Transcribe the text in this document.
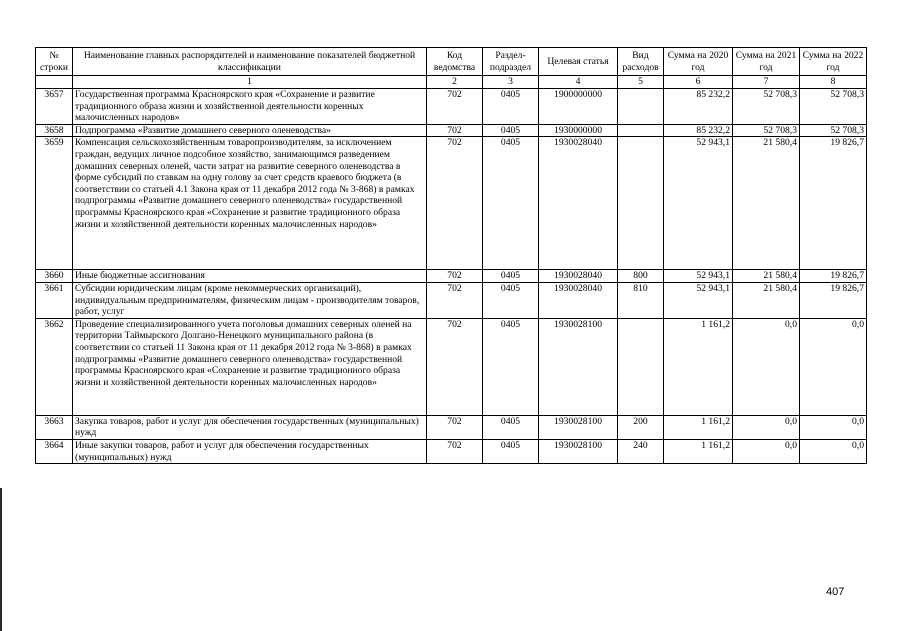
№ строки	Наименование главных распорядителей и наименование показателей бюджетной классификации	Код ведомства	Раздел-подраздел	Целевая статья	Вид расходов	Сумма на 2020 год	Сумма на 2021 год	Сумма на 2022 год
	1	2	3	4	5	6	7	8
3657	Государственная программа Красноярского края «Сохранение и развитие традиционного образа жизни и хозяйственной деятельности коренных малочисленных народов»	702	0405	1900000000		85 232,2	52 708,3	52 708,3
3658	Подпрограмма «Развитие домашнего северного оленеводства»	702	0405	1930000000		85 232,2	52 708,3	52 708,3
3659	Компенсация сельскохозяйственным товаропроизводителям, за исключением граждан, ведущих личное подсобное хозяйство, занимающимся разведением домашних северных оленей, части затрат на развитие северного оленеводства в форме субсидий по ставкам на одну голову за счет средств краевого бюджета (в соответствии со статьей 4.1 Закона края от 11 декабря 2012 года № 3-868) в рамках подпрограммы «Развитие домашнего северного оленеводства» государственной программы Красноярского края «Сохранение и развитие традиционного образа жизни и хозяйственной деятельности коренных малочисленных народов»	702	0405	1930028040		52 943,1	21 580,4	19 826,7
3660	Иные бюджетные ассигнования	702	0405	1930028040	800	52 943,1	21 580,4	19 826,7
3661	Субсидии юридическим лицам (кроме некоммерческих организаций), индивидуальным предпринимателям, физическим лицам - производителям товаров, работ, услуг	702	0405	1930028040	810	52 943,1	21 580,4	19 826,7
3662	Проведение специализированного учета поголовья домашних северных оленей на территории Таймырского Долгано-Ненецкого муниципального района (в соответствии со статьей 11 Закона края от 11 декабря 2012 года № 3-868) в рамках подпрограммы «Развитие домашнего северного оленеводства» государственной программы Красноярского края «Сохранение и развитие традиционного образа жизни и хозяйственной деятельности коренных малочисленных народов»	702	0405	1930028100		1 161,2	0,0	0,0
3663	Закупка товаров, работ и услуг для обеспечения государственных (муниципальных) нужд	702	0405	1930028100	200	1 161,2	0,0	0,0
3664	Иные закупки товаров, работ и услуг для обеспечения государственных (муниципальных) нужд	702	0405	1930028100	240	1 161,2	0,0	0,0
407
